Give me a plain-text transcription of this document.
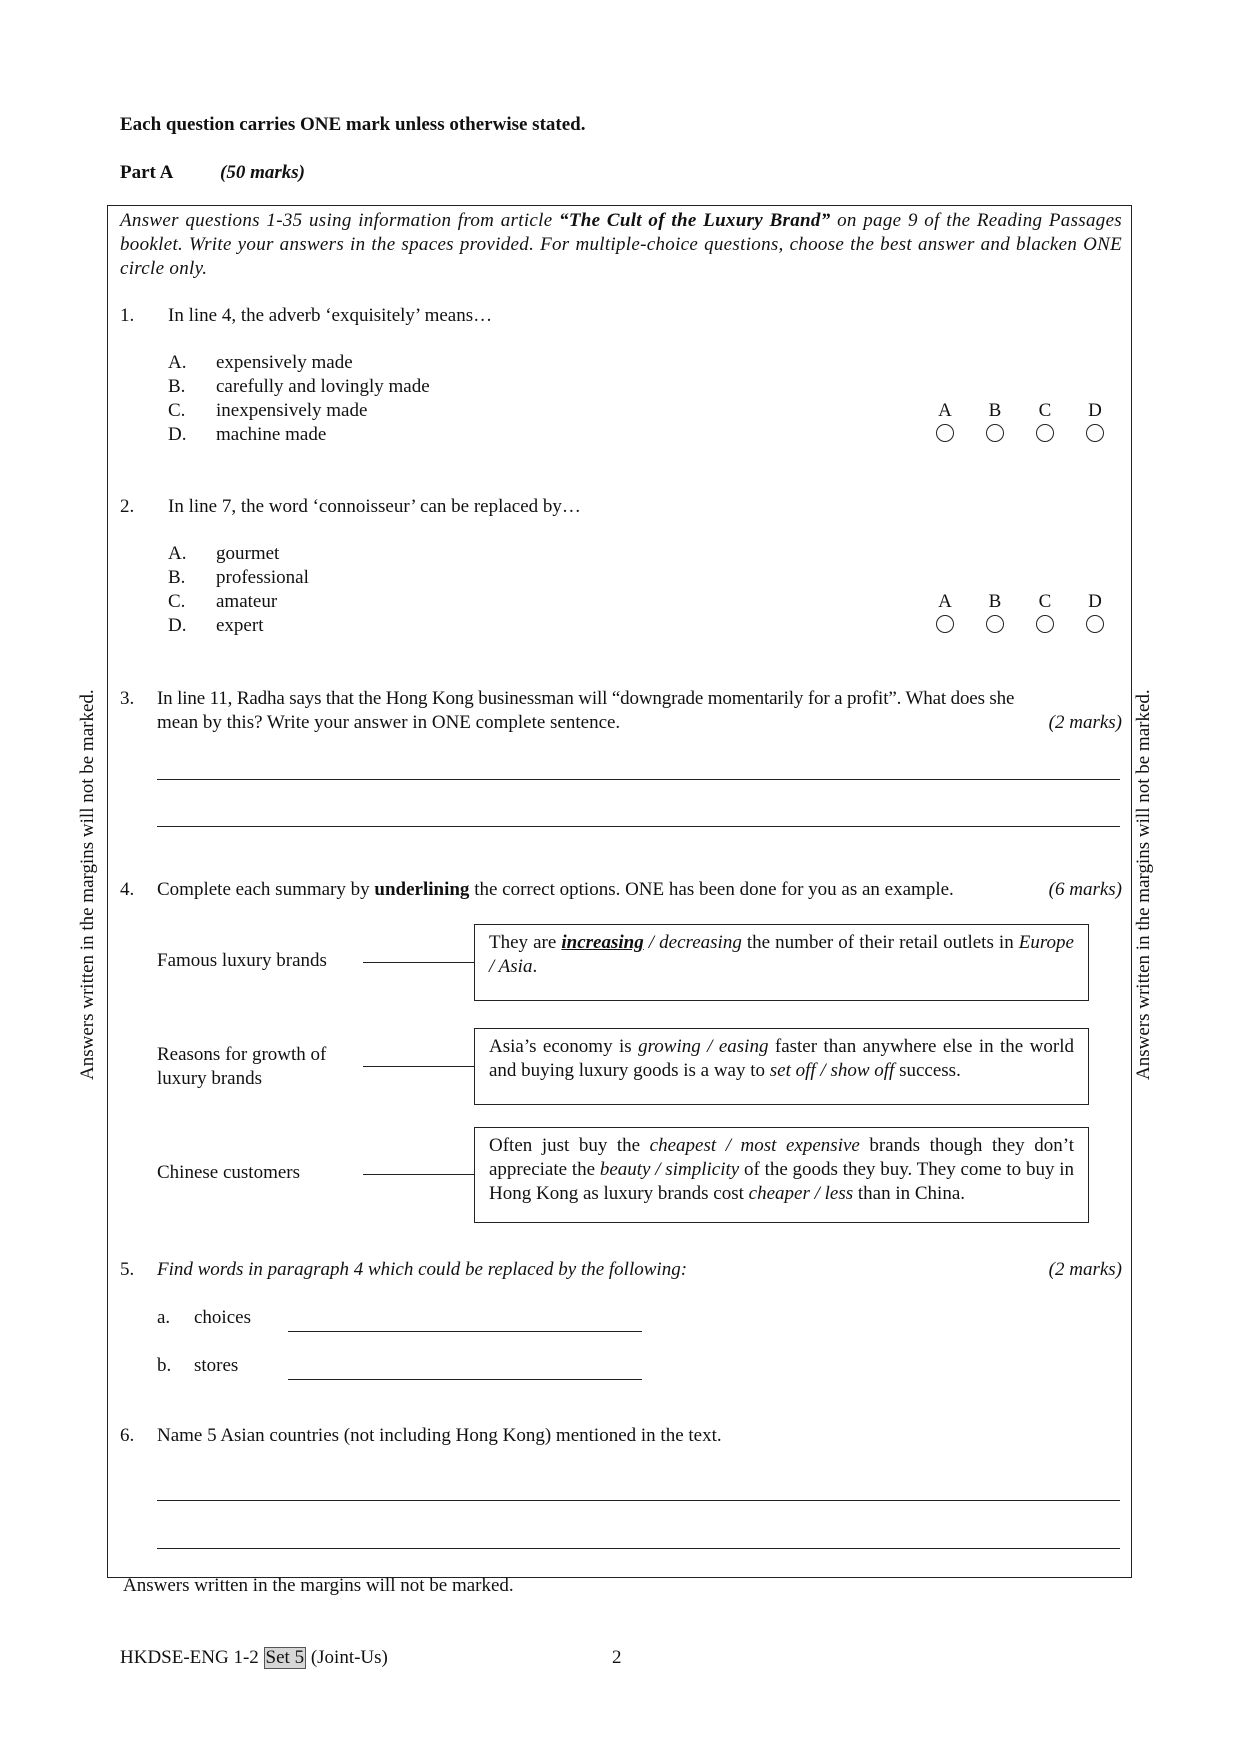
Each question carries ONE mark unless otherwise stated.
Part A (50 marks)
Answer questions 1-35 using information from article “The Cult of the Luxury Brand” on page 9 of the Reading Passages booklet. Write your answers in the spaces provided. For multiple-choice questions, choose the best answer and blacken ONE circle only.
1. In line 4, the adverb ‘exquisitely’ means…
A.	expensively made
B.	carefully and lovingly made
C.	inexpensively made
D.	machine made
A	B	C	D
2. In line 7, the word ‘connoisseur’ can be replaced by…
A.	gourmet
B.	professional
C.	amateur
D.	expert
A	B	C	D
3. In line 11, Radha says that the Hong Kong businessman will “downgrade momentarily for a profit”. What does she
mean by this? Write your answer in ONE complete sentence.	(2 marks)
4. Complete each summary by underlining the correct options. ONE has been done for you as an example.	(6 marks)
Famous luxury brands
They are increasing / decreasing the number of their retail outlets in Europe / Asia.
Reasons for growth of luxury brands
Asia’s economy is growing / easing faster than anywhere else in the world and buying luxury goods is a way to set off / show off success.
Chinese customers
Often just buy the cheapest / most expensive brands though they don’t appreciate the beauty / simplicity of the goods they buy. They come to buy in Hong Kong as luxury brands cost cheaper / less than in China.
5. Find words in paragraph 4 which could be replaced by the following:	(2 marks)
a.	choices
b.	stores
6. Name 5 Asian countries (not including Hong Kong) mentioned in the text.
Answers written in the margins will not be marked.
HKDSE-ENG 1-2 Set 5 (Joint-Us)	2
Answers written in the margins will not be marked.	Answers written in the margins will not be marked.
